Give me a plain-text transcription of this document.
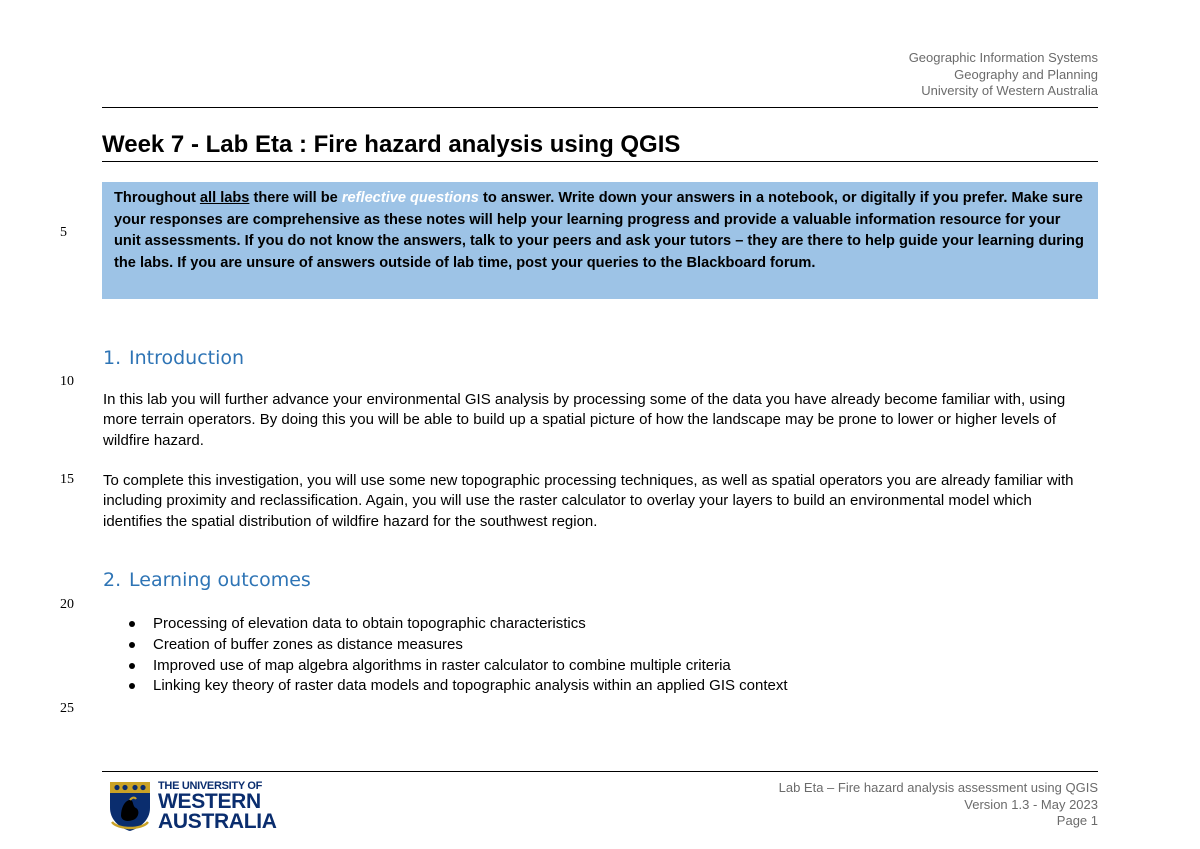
Geographic Information Systems
Geography and Planning
University of Western Australia
Week 7 - Lab Eta : Fire hazard analysis using QGIS
Throughout all labs there will be reflective questions to answer. Write down your answers in a notebook, or digitally if you prefer. Make sure your responses are comprehensive as these notes will help your learning progress and provide a valuable information resource for your unit assessments. If you do not know the answers, talk to your peers and ask your tutors – they are there to help guide your learning during the labs. If you are unsure of answers outside of lab time, post your queries to the Blackboard forum.
5
10
15
20
25
1. Introduction
In this lab you will further advance your environmental GIS analysis by processing some of the data you have already become familiar with, using more terrain operators. By doing this you will be able to build up a spatial picture of how the landscape may be prone to lower or higher levels of wildfire hazard.
To complete this investigation, you will use some new topographic processing techniques, as well as spatial operators you are already familiar with including proximity and reclassification. Again, you will use the raster calculator to overlay your layers to build an environmental model which identifies the spatial distribution of wildfire hazard for the southwest region.
2. Learning outcomes
Processing of elevation data to obtain topographic characteristics
Creation of buffer zones as distance measures
Improved use of map algebra algorithms in raster calculator to combine multiple criteria
Linking key theory of raster data models and topographic analysis within an applied GIS context
THE UNIVERSITY OF
WESTERN
AUSTRALIA
Lab Eta – Fire hazard analysis assessment using QGIS
Version 1.3 - May 2023
Page 1
